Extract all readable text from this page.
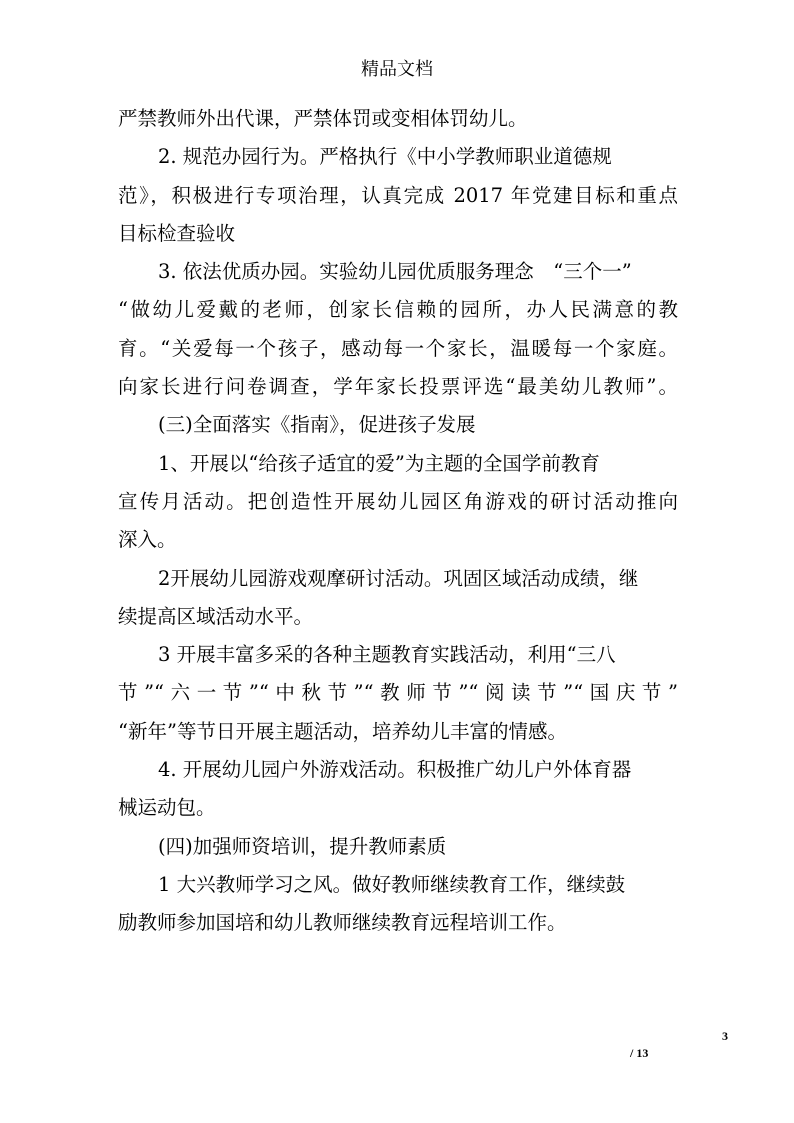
精品文档
严禁教师外出代课，严禁体罚或变相体罚幼儿。
2. 规范办园行为。严格执行《中小学教师职业道德规
范》，积极进行专项治理，认真完成 2017 年党建目标和重点
目标检查验收
3. 依法优质办园。实验幼儿园优质服务理念　“三个一”
“做幼儿爱戴的老师，创家长信赖的园所，办人民满意的教
育。“关爱每一个孩子，感动每一个家长，温暖每一个家庭。
向家长进行问卷调查，学年家长投票评选“最美幼儿教师”。
(三)全面落实《指南》，促进孩子发展
1、开展以“给孩子适宜的爱”为主题的全国学前教育
宣传月活动。把创造性开展幼儿园区角游戏的研讨活动推向
深入。
2开展幼儿园游戏观摩研讨活动。巩固区域活动成绩，继
续提高区域活动水平。
3 开展丰富多采的各种主题教育实践活动，利用“三八
节”“六一节”“中秋节”“教师节”“阅读节”“国庆节”
“新年”等节日开展主题活动，培养幼儿丰富的情感。
4. 开展幼儿园户外游戏活动。积极推广幼儿户外体育器
械运动包。
(四)加强师资培训，提升教师素质
1 大兴教师学习之风。做好教师继续教育工作，继续鼓
励教师参加国培和幼儿教师继续教育远程培训工作。
3
/ 13
